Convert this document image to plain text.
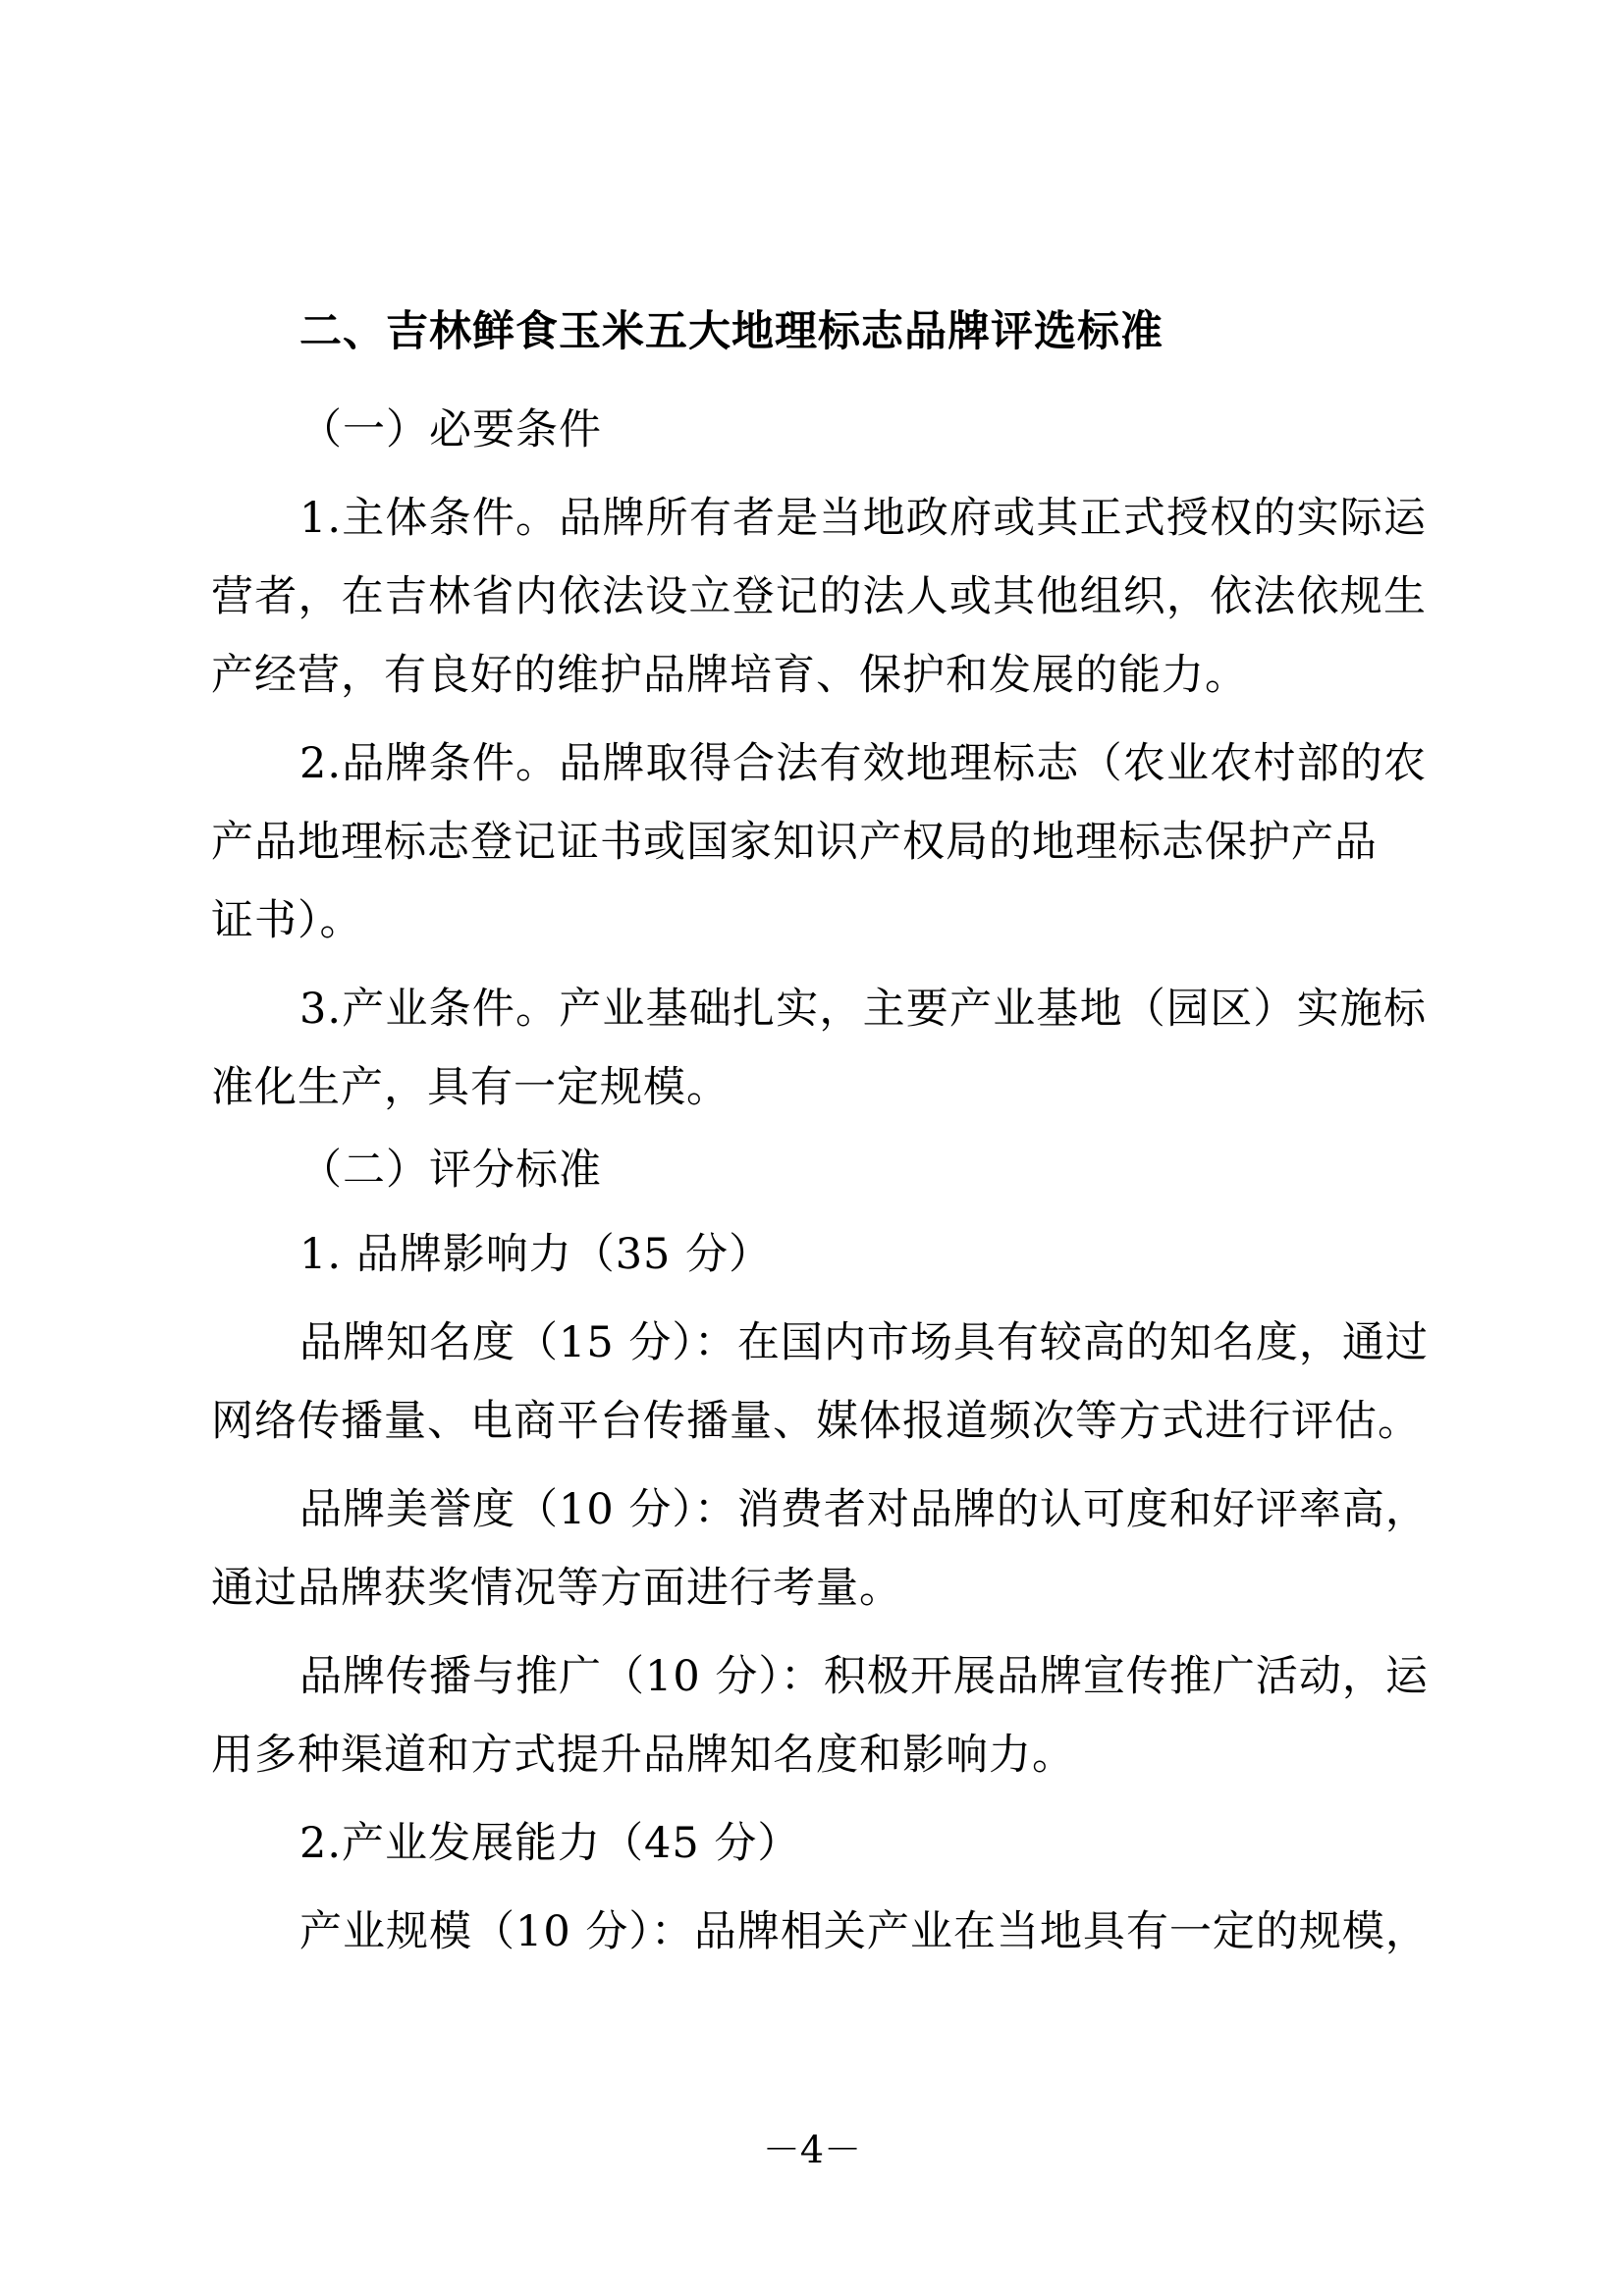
二、吉林鲜食玉米五大地理标志品牌评选标准
（一）必要条件
1.主体条件。品牌所有者是当地政府或其正式授权的实际运
营者，在吉林省内依法设立登记的法人或其他组织，依法依规生
产经营，有良好的维护品牌培育、保护和发展的能力。
2.品牌条件。品牌取得合法有效地理标志（农业农村部的农
产品地理标志登记证书或国家知识产权局的地理标志保护产品
证书）。
3.产业条件。产业基础扎实，主要产业基地（园区）实施标
准化生产，具有一定规模。
（二）评分标准
1. 品牌影响力（35 分）
品牌知名度（15 分）：在国内市场具有较高的知名度，通过
网络传播量、电商平台传播量、媒体报道频次等方式进行评估。
品牌美誉度（10 分）：消费者对品牌的认可度和好评率高，
通过品牌获奖情况等方面进行考量。
品牌传播与推广（10 分）：积极开展品牌宣传推广活动，运
用多种渠道和方式提升品牌知名度和影响力。
2.产业发展能力（45 分）
产业规模（10 分）：品牌相关产业在当地具有一定的规模，
－4－
